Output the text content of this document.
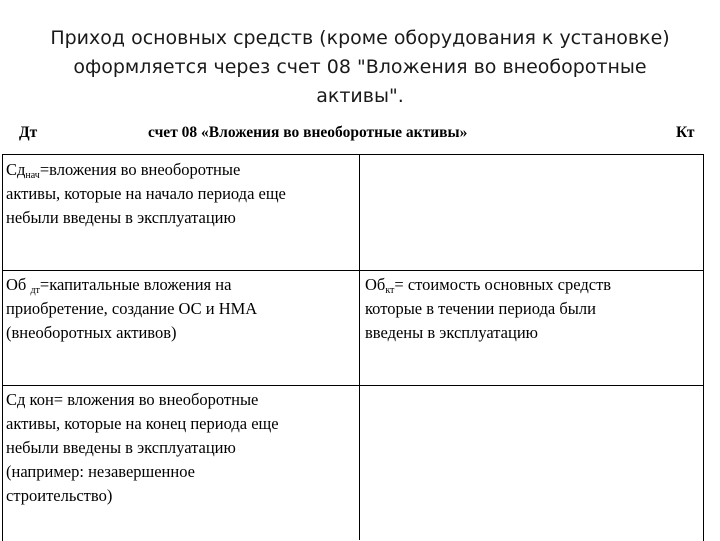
Приход основных средств (кроме оборудования к установке)
оформляется через счет 08 "Вложения во внеоборотные
активы".
Дт	счет 08 «Вложения во внеоборотные активы»	Кт
$Сд_{нач}=вложения$ во внеоборотные
активы, которые на начало периода еще
небыли введены в эксплуатацию
Об $_{дт}$=капитальные вложения на
приобретение, создание ОС и НМА
(внеоборотных активов)
$Об_{кт}=$ стоимость основных средств
которые в течении периода были
введены в эксплуатацию
Сд кон= вложения во внеоборотные
активы, которые на конец периода еще
небыли введены в эксплуатацию
(например: незавершенное
строительство)
